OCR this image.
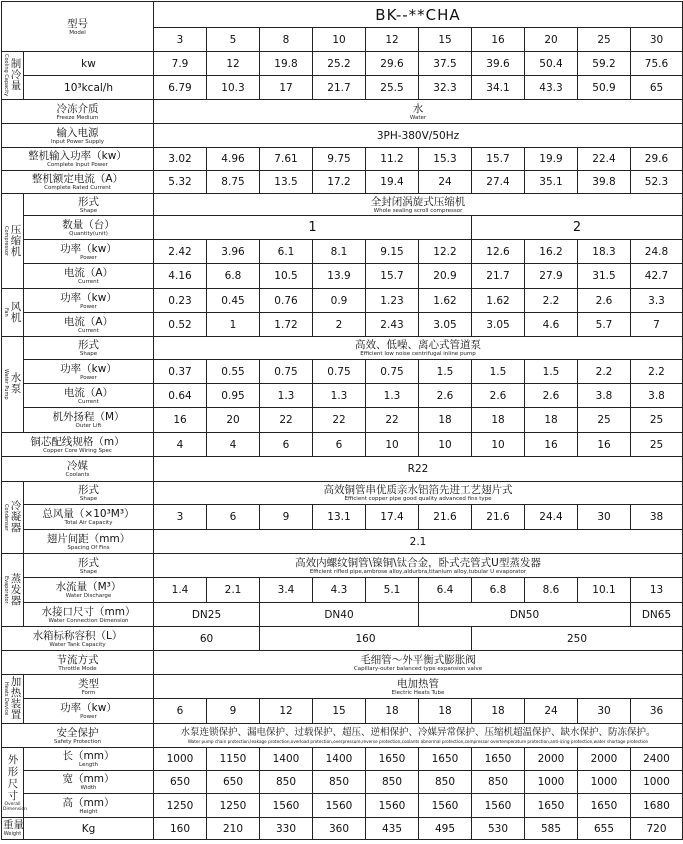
型号
Model		BK--**CHA									
		3	5	8	10	12	15	16	20	25	30

Cooling Capacity 制冷量	kw	7.9	12	19.8	25.2	29.6	37.5	39.6	50.4	59.2	75.6
	10³kcal/h	6.79	10.3	17	21.7	25.5	32.3	34.1	43.3	50.9	65

冷冻介质
Freeze Medium		水
Water									

输入电源
Input Power Supply		3PH-380V/50Hz									

整机输入功率（kw）
Complete Input Power		3.02	4.96	7.61	9.75	11.2	15.3	15.7	19.9	22.4	29.6

整机额定电流（A）
Complete Rated Current		5.32	8.75	13.5	17.2	19.4	24	27.4	35.1	39.8	52.3

Compressor 压缩机	形式
Shape	全封闭涡旋式压缩机
Whole sealing scroll compressor									

	数量（台）
Quantity(unit)	1						2			

	功率（kw）
Power	2.42	3.96	6.1	8.1	9.15	12.2	12.6	16.2	18.3	24.8

	电流（A）
Current	4.16	6.8	10.5	13.9	15.7	20.9	21.7	27.9	31.5	42.7

Fan 风机	功率（kw）
Power	0.23	0.45	0.76	0.9	1.23	1.62	1.62	2.2	2.6	3.3

	电流（A）
Current	0.52	1	1.72	2	2.43	3.05	3.05	4.6	5.7	7

Water Pump 水泵	形式
Shape	高效、低噪、离心式管道泵
Efficient low noise centrifugal inline pump									

	功率（kw）
Power	0.37	0.55	0.75	0.75	0.75	1.5	1.5	1.5	2.2	2.2

	电流（A）
Current	0.64	0.95	1.3	1.3	1.3	2.6	2.6	2.6	3.8	3.8

	机外扬程（M）
Outer Lift	16	20	22	22	22	18	18	18	25	25

铜芯配线规格（m）
Copper Core Wiring Spec		4	4	6	6	10	10	10	16	16	25

冷媒
Coolants		R22									

Condenser 冷凝器	形式
Shape	高效铜管串优质亲水铝箔先进工艺翅片式
Efficient copper pipe good quality advanced fins type									

	总风量（×10³M³）
Total Air Capacity	3	6	9	13.1	17.4	21.6	21.6	24.4	30	38

	翅片间距（mm）
Spacing Of Fins	2.1									

Evaporator 蒸发器	形式
Shape	高效内螺纹铜管\镍铜\钛合金，卧式壳管式U型蒸发器
Efficient rifled pipe,ambrose alloy,aldurbra,titanium alloy,tubular U evaporator									

	水流量（M³）
Water Discharge	1.4	2.1	3.4	4.3	5.1	6.4	6.8	8.6	10.1	13

	水接口尺寸（mm）
Water Connection Dimension	DN25		DN40			DN50				DN65

水箱标称容积（L）
Water Tank Capacity		60		160				250			

节流方式
Throttle Mode		毛细管～外平衡式膨胀阀
Capillary-outer balanced type expansion valve									

Heats Device
加热装置	类型
Form	电加热管
Electric Heats Tube									

	功率（kw）
Power	6	9	12	15	18	18	18	24	30	36

安全保护
Safety Protection		水泵连锁保护、漏电保护、过载保护、超压、逆相保护、冷媒异常保护、压缩机超温保护、缺水保护、防冻保护。
Water pump chain protection,leakage protection,overload protection,overpressure,reverse protection,coolants abnormal protection,compressor overtemperature protection,anti-icing protection,water shortage protection									

外形尺寸
Overall Dimension	长（mm）
Length	1000	1150	1400	1400	1650	1650	1650	2000	2000	2400

	宽（mm）
Width	650	650	850	850	850	850	850	1000	1000	1000

	高（mm）
Height	1250	1250	1560	1560	1560	1560	1560	1650	1650	1680

重量
Weight	Kg	160	210	330	360	435	495	530	585	655	720
